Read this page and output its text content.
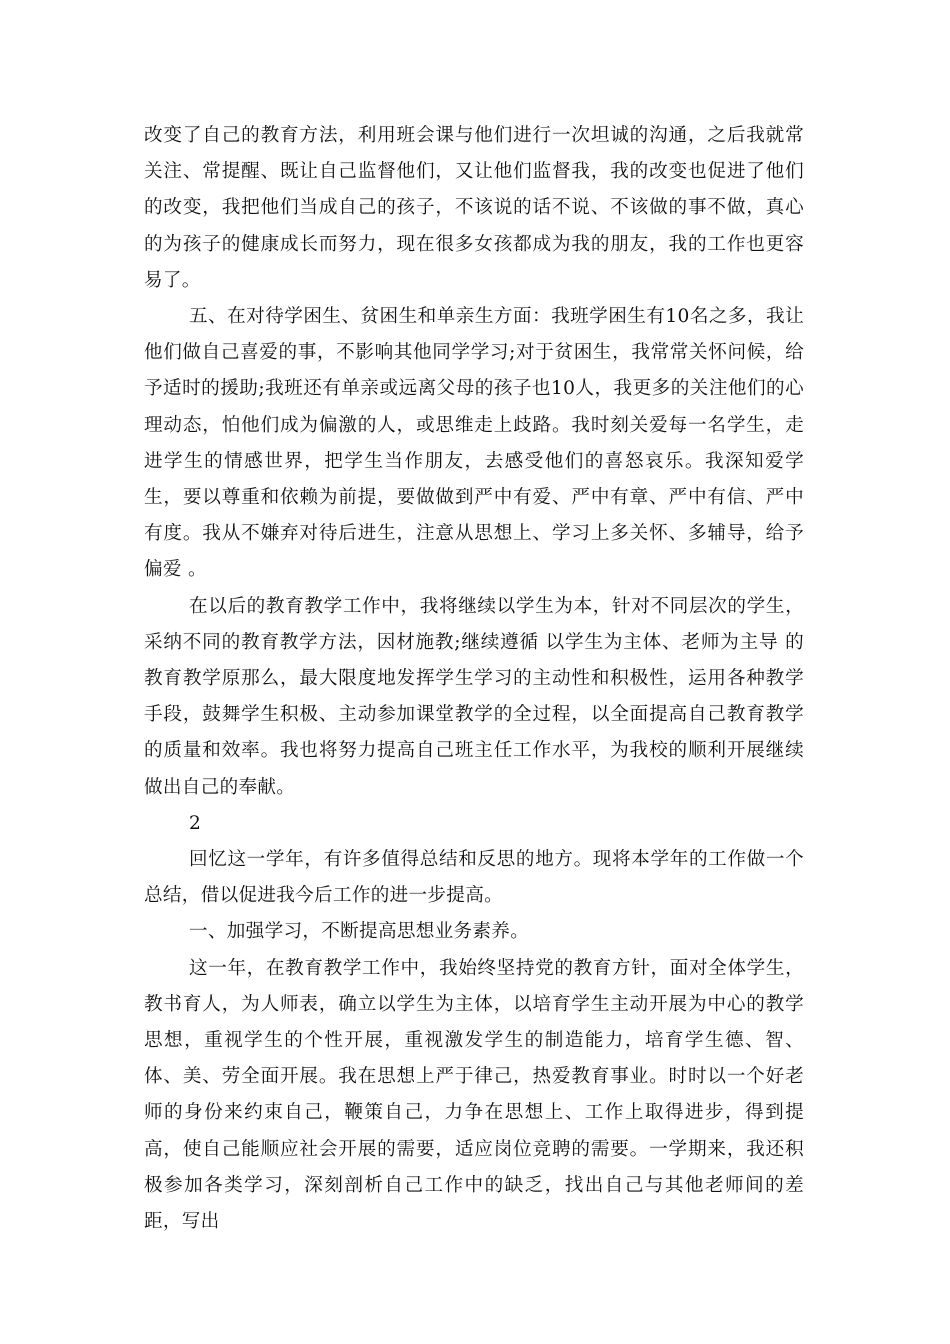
改变了自己的教育方法，利用班会课与他们进行一次坦诚的沟通，之后我就常关注、常提醒、既让自己监督他们，又让他们监督我，我的改变也促进了他们的改变，我把他们当成自己的孩子，不该说的话不说、不该做的事不做，真心的为孩子的健康成长而努力，现在很多女孩都成为我的朋友，我的工作也更容易了。

五、在对待学困生、贫困生和单亲生方面：我班学困生有10名之多，我让他们做自己喜爱的事，不影响其他同学学习;对于贫困生，我常常关怀问候，给予适时的援助;我班还有单亲或远离父母的孩子也10人，我更多的关注他们的心理动态，怕他们成为偏激的人，或思维走上歧路。我时刻关爱每一名学生，走进学生的情感世界，把学生当作朋友，去感受他们的喜怒哀乐。我深知爱学生，要以尊重和依赖为前提，要做做到严中有爱、严中有章、严中有信、严中有度。我从不嫌弃对待后进生，注意从思想上、学习上多关怀、多辅导，给予偏爱 。

在以后的教育教学工作中，我将继续以学生为本，针对不同层次的学生，采纳不同的教育教学方法，因材施教;继续遵循 以学生为主体、老师为主导 的教育教学原那么，最大限度地发挥学生学习的主动性和积极性，运用各种教学手段，鼓舞学生积极、主动参加课堂教学的全过程，以全面提高自己教育教学的质量和效率。我也将努力提高自己班主任工作水平，为我校的顺利开展继续做出自己的奉献。

2

回忆这一学年，有许多值得总结和反思的地方。现将本学年的工作做一个总结，借以促进我今后工作的进一步提高。

一、加强学习，不断提高思想业务素养。

这一年，在教育教学工作中，我始终坚持党的教育方针，面对全体学生，教书育人，为人师表，确立以学生为主体，以培育学生主动开展为中心的教学思想，重视学生的个性开展，重视激发学生的制造能力，培育学生德、智、体、美、劳全面开展。我在思想上严于律己，热爱教育事业。时时以一个好老师的身份来约束自己，鞭策自己，力争在思想上、工作上取得进步，得到提高，使自己能顺应社会开展的需要，适应岗位竞聘的需要。一学期来，我还积极参加各类学习，深刻剖析自己工作中的缺乏，找出自己与其他老师间的差距，写出
